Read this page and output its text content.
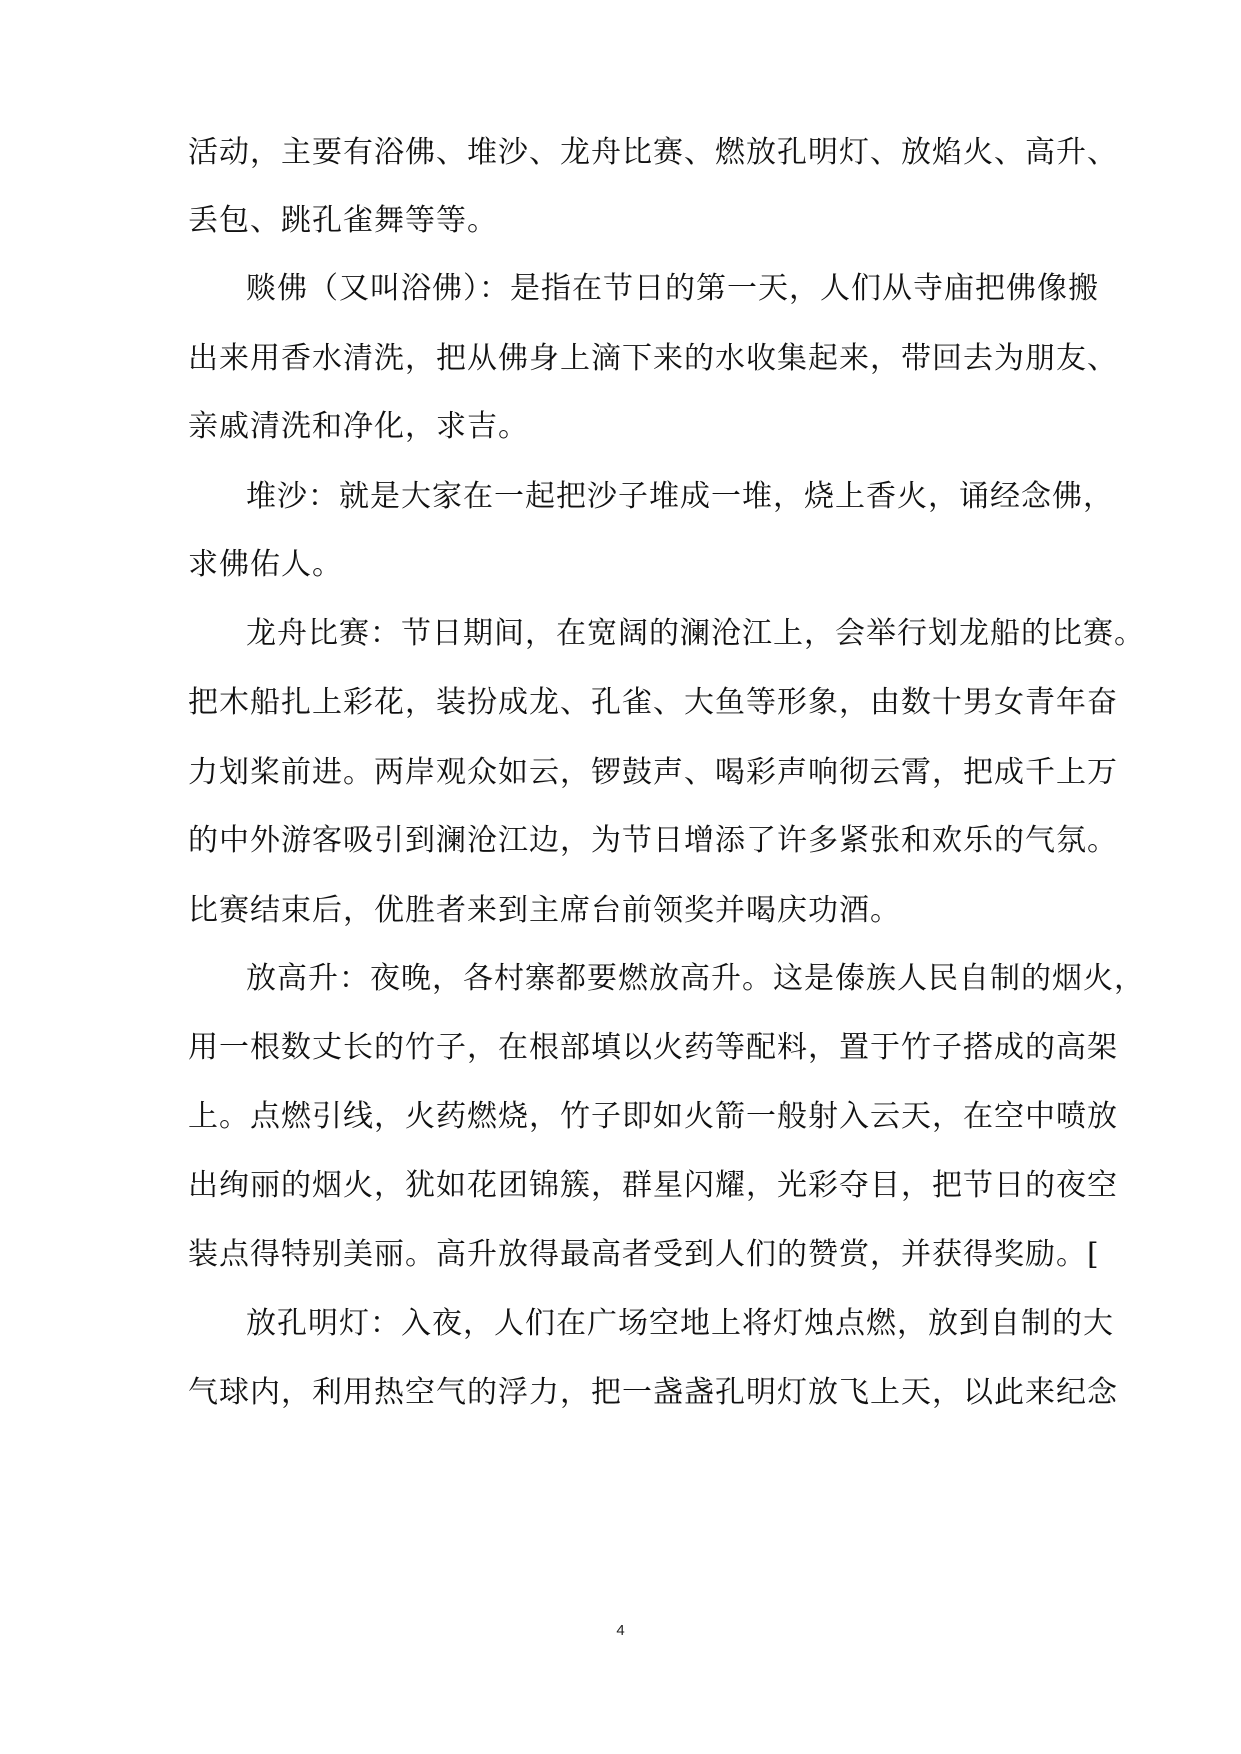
活动，主要有浴佛、堆沙、龙舟比赛、燃放孔明灯、放焰火、高升、
丢包、跳孔雀舞等等。
赕佛（又叫浴佛）：是指在节日的第一天，人们从寺庙把佛像搬
出来用香水清洗，把从佛身上滴下来的水收集起来，带回去为朋友、
亲戚清洗和净化，求吉。
堆沙：就是大家在一起把沙子堆成一堆，烧上香火，诵经念佛，
求佛佑人。
龙舟比赛：节日期间，在宽阔的澜沧江上，会举行划龙船的比赛。
把木船扎上彩花，装扮成龙、孔雀、大鱼等形象，由数十男女青年奋
力划桨前进。两岸观众如云，锣鼓声、喝彩声响彻云霄，把成千上万
的中外游客吸引到澜沧江边，为节日增添了许多紧张和欢乐的气氛。
比赛结束后，优胜者来到主席台前领奖并喝庆功酒。
放高升：夜晚，各村寨都要燃放高升。这是傣族人民自制的烟火，
用一根数丈长的竹子，在根部填以火药等配料，置于竹子搭成的高架
上。点燃引线，火药燃烧，竹子即如火箭一般射入云天，在空中喷放
出绚丽的烟火，犹如花团锦簇，群星闪耀，光彩夺目，把节日的夜空
装点得特别美丽。高升放得最高者受到人们的赞赏，并获得奖励。[
放孔明灯：入夜，人们在广场空地上将灯烛点燃，放到自制的大
气球内，利用热空气的浮力，把一盏盏孔明灯放飞上天，以此来纪念
4
